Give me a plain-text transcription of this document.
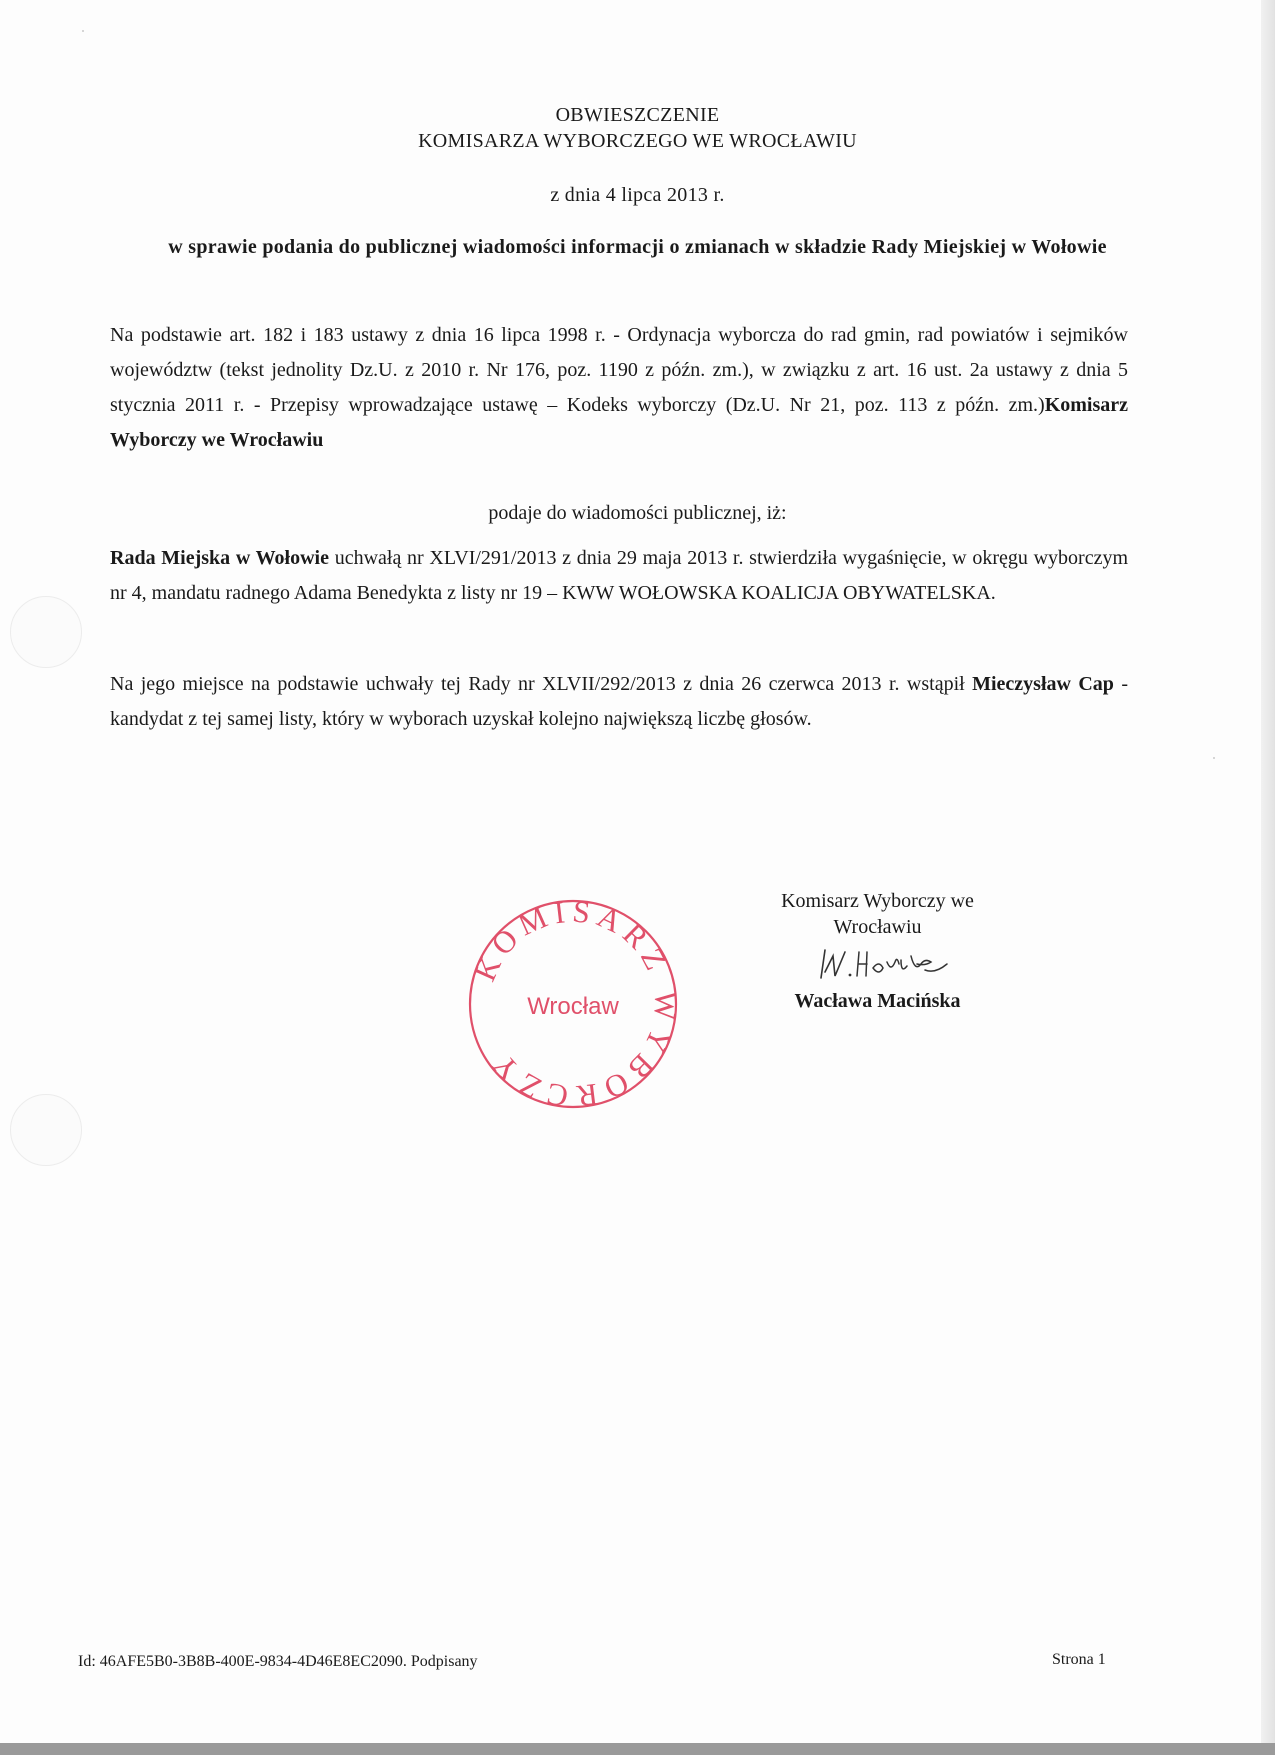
OBWIESZCZENIE
KOMISARZA WYBORCZEGO WE WROCŁAWIU
z dnia 4 lipca 2013 r.
w sprawie podania do publicznej wiadomości informacji o zmianach w składzie Rady Miejskiej w Wołowie
Na podstawie art. 182 i 183 ustawy z dnia 16 lipca 1998 r. - Ordynacja wyborcza do rad gmin, rad powiatów i sejmików województw (tekst jednolity Dz.U. z 2010 r. Nr 176, poz. 1190 z późn. zm.), w związku z art. 16 ust. 2a ustawy z dnia 5 stycznia 2011 r. - Przepisy wprowadzające ustawę – Kodeks wyborczy (Dz.U. Nr 21, poz. 113 z późn. zm.)Komisarz Wyborczy we Wrocławiu
podaje do wiadomości publicznej, iż:
Rada Miejska w Wołowie uchwałą nr XLVI/291/2013 z dnia 29 maja 2013 r. stwierdziła wygaśnięcie, w okręgu wyborczym nr 4, mandatu radnego Adama Benedykta z listy nr 19 – KWW WOŁOWSKA KOALICJA OBYWATELSKA.
Na jego miejsce na podstawie uchwały tej Rady nr XLVII/292/2013 z dnia 26 czerwca 2013 r. wstąpił Mieczysław Cap - kandydat z tej samej listy, który w wyborach uzyskał kolejno największą liczbę głosów.
KOMISARZ WYBORCZY
Wrocław
Komisarz Wyborczy we
Wrocławiu
Wacława Macińska
Id: 46AFE5B0-3B8B-400E-9834-4D46E8EC2090. Podpisany	Strona 1
